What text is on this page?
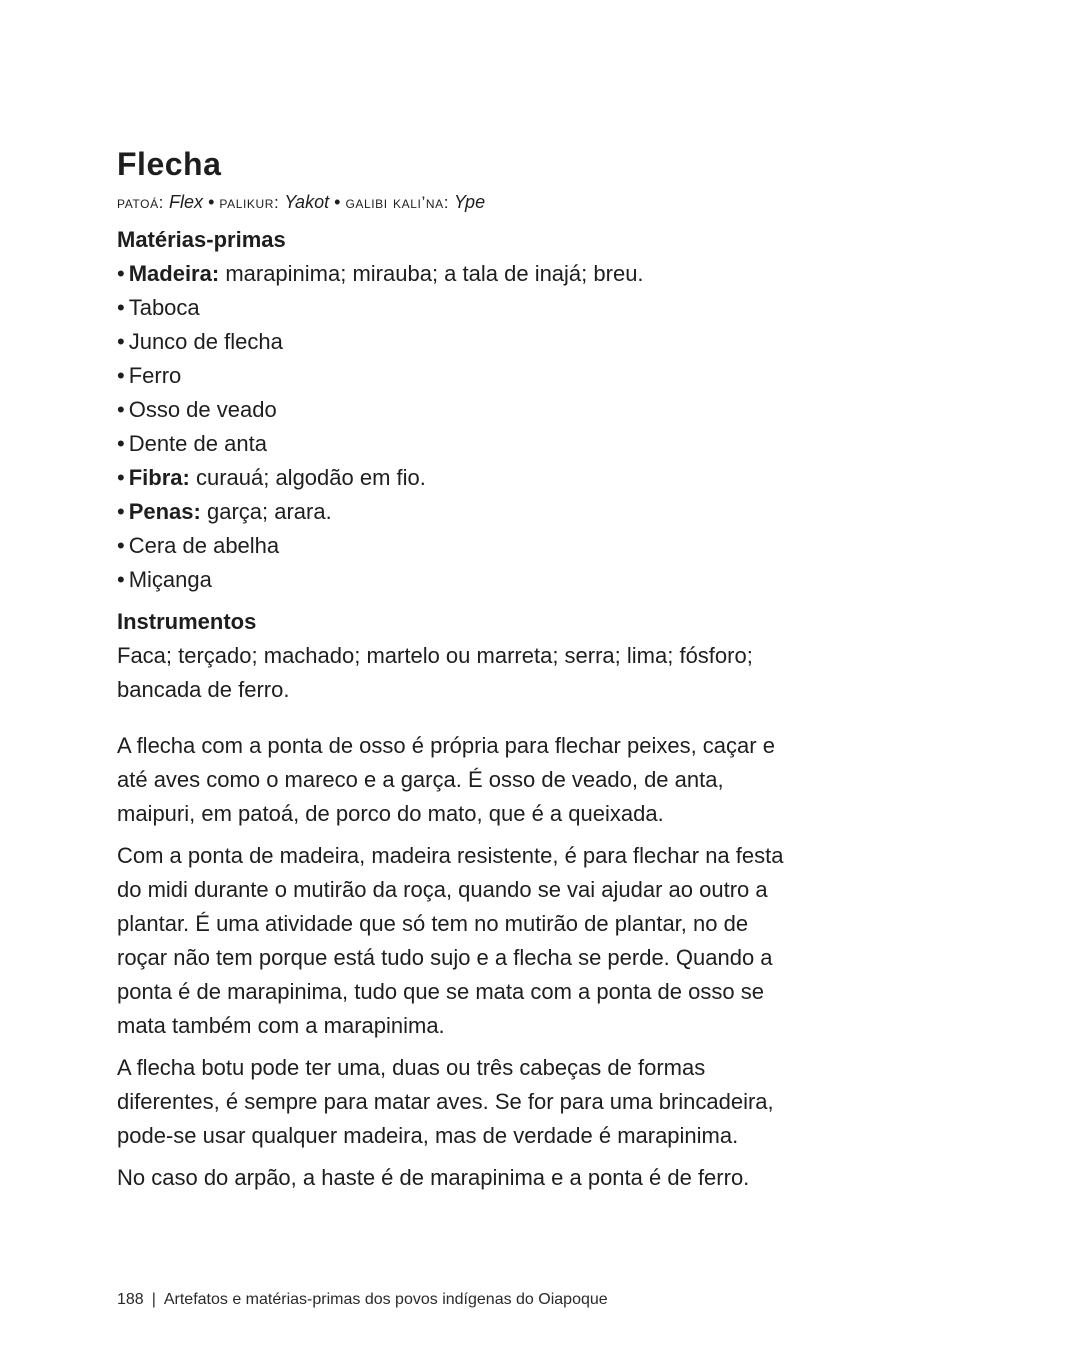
Flecha

patoá: Flex • palikur: Yakot • galibi kali’na: Ype

Matérias-primas
• Madeira: marapinima; mirauba; a tala de inajá; breu.
• Taboca
• Junco de flecha
• Ferro
• Osso de veado
• Dente de anta
• Fibra: curauá; algodão em fio.
• Penas: garça; arara.
• Cera de abelha
• Miçanga
Instrumentos

Faca; terçado; machado; martelo ou marreta; serra; lima; fósforo; bancada de ferro.

A flecha com a ponta de osso é própria para flechar peixes, caçar e até aves como o mareco e a garça. É osso de veado, de anta, maipuri, em patoá, de porco do mato, que é a queixada.

Com a ponta de madeira, madeira resistente, é para flechar na festa do midi durante o mutirão da roça, quando se vai ajudar ao outro a plantar. É uma atividade que só tem no mutirão de plantar, no de roçar não tem porque está tudo sujo e a flecha se perde. Quando a ponta é de marapinima, tudo que se mata com a ponta de osso se mata também com a marapinima.

A flecha botu pode ter uma, duas ou três cabeças de formas diferentes, é sempre para matar aves. Se for para uma brincadeira, pode-se usar qualquer madeira, mas de verdade é marapinima.

No caso do arpão, a haste é de marapinima e a ponta é de ferro.

188 | Artefatos e matérias-primas dos povos indígenas do Oiapoque
